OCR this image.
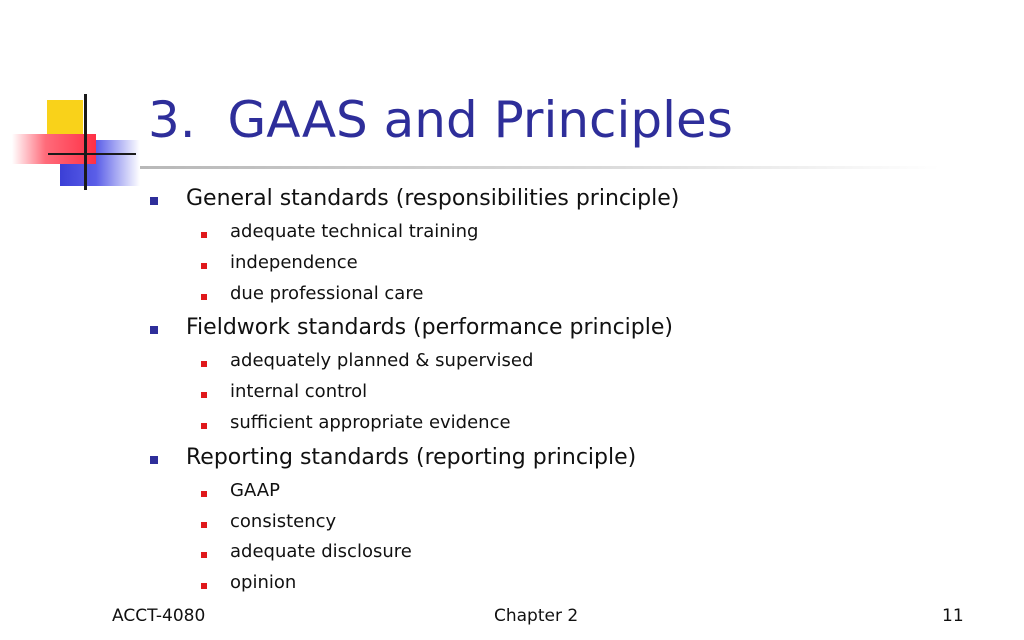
3.  GAAS and Principles
General standards (responsibilities principle)
adequate technical training
independence
due professional care
Fieldwork standards (performance principle)
adequately planned & supervised
internal control
sufficient appropriate evidence
Reporting standards (reporting principle)
GAAP
consistency
adequate disclosure
opinion
ACCT-4080	Chapter 2	11
